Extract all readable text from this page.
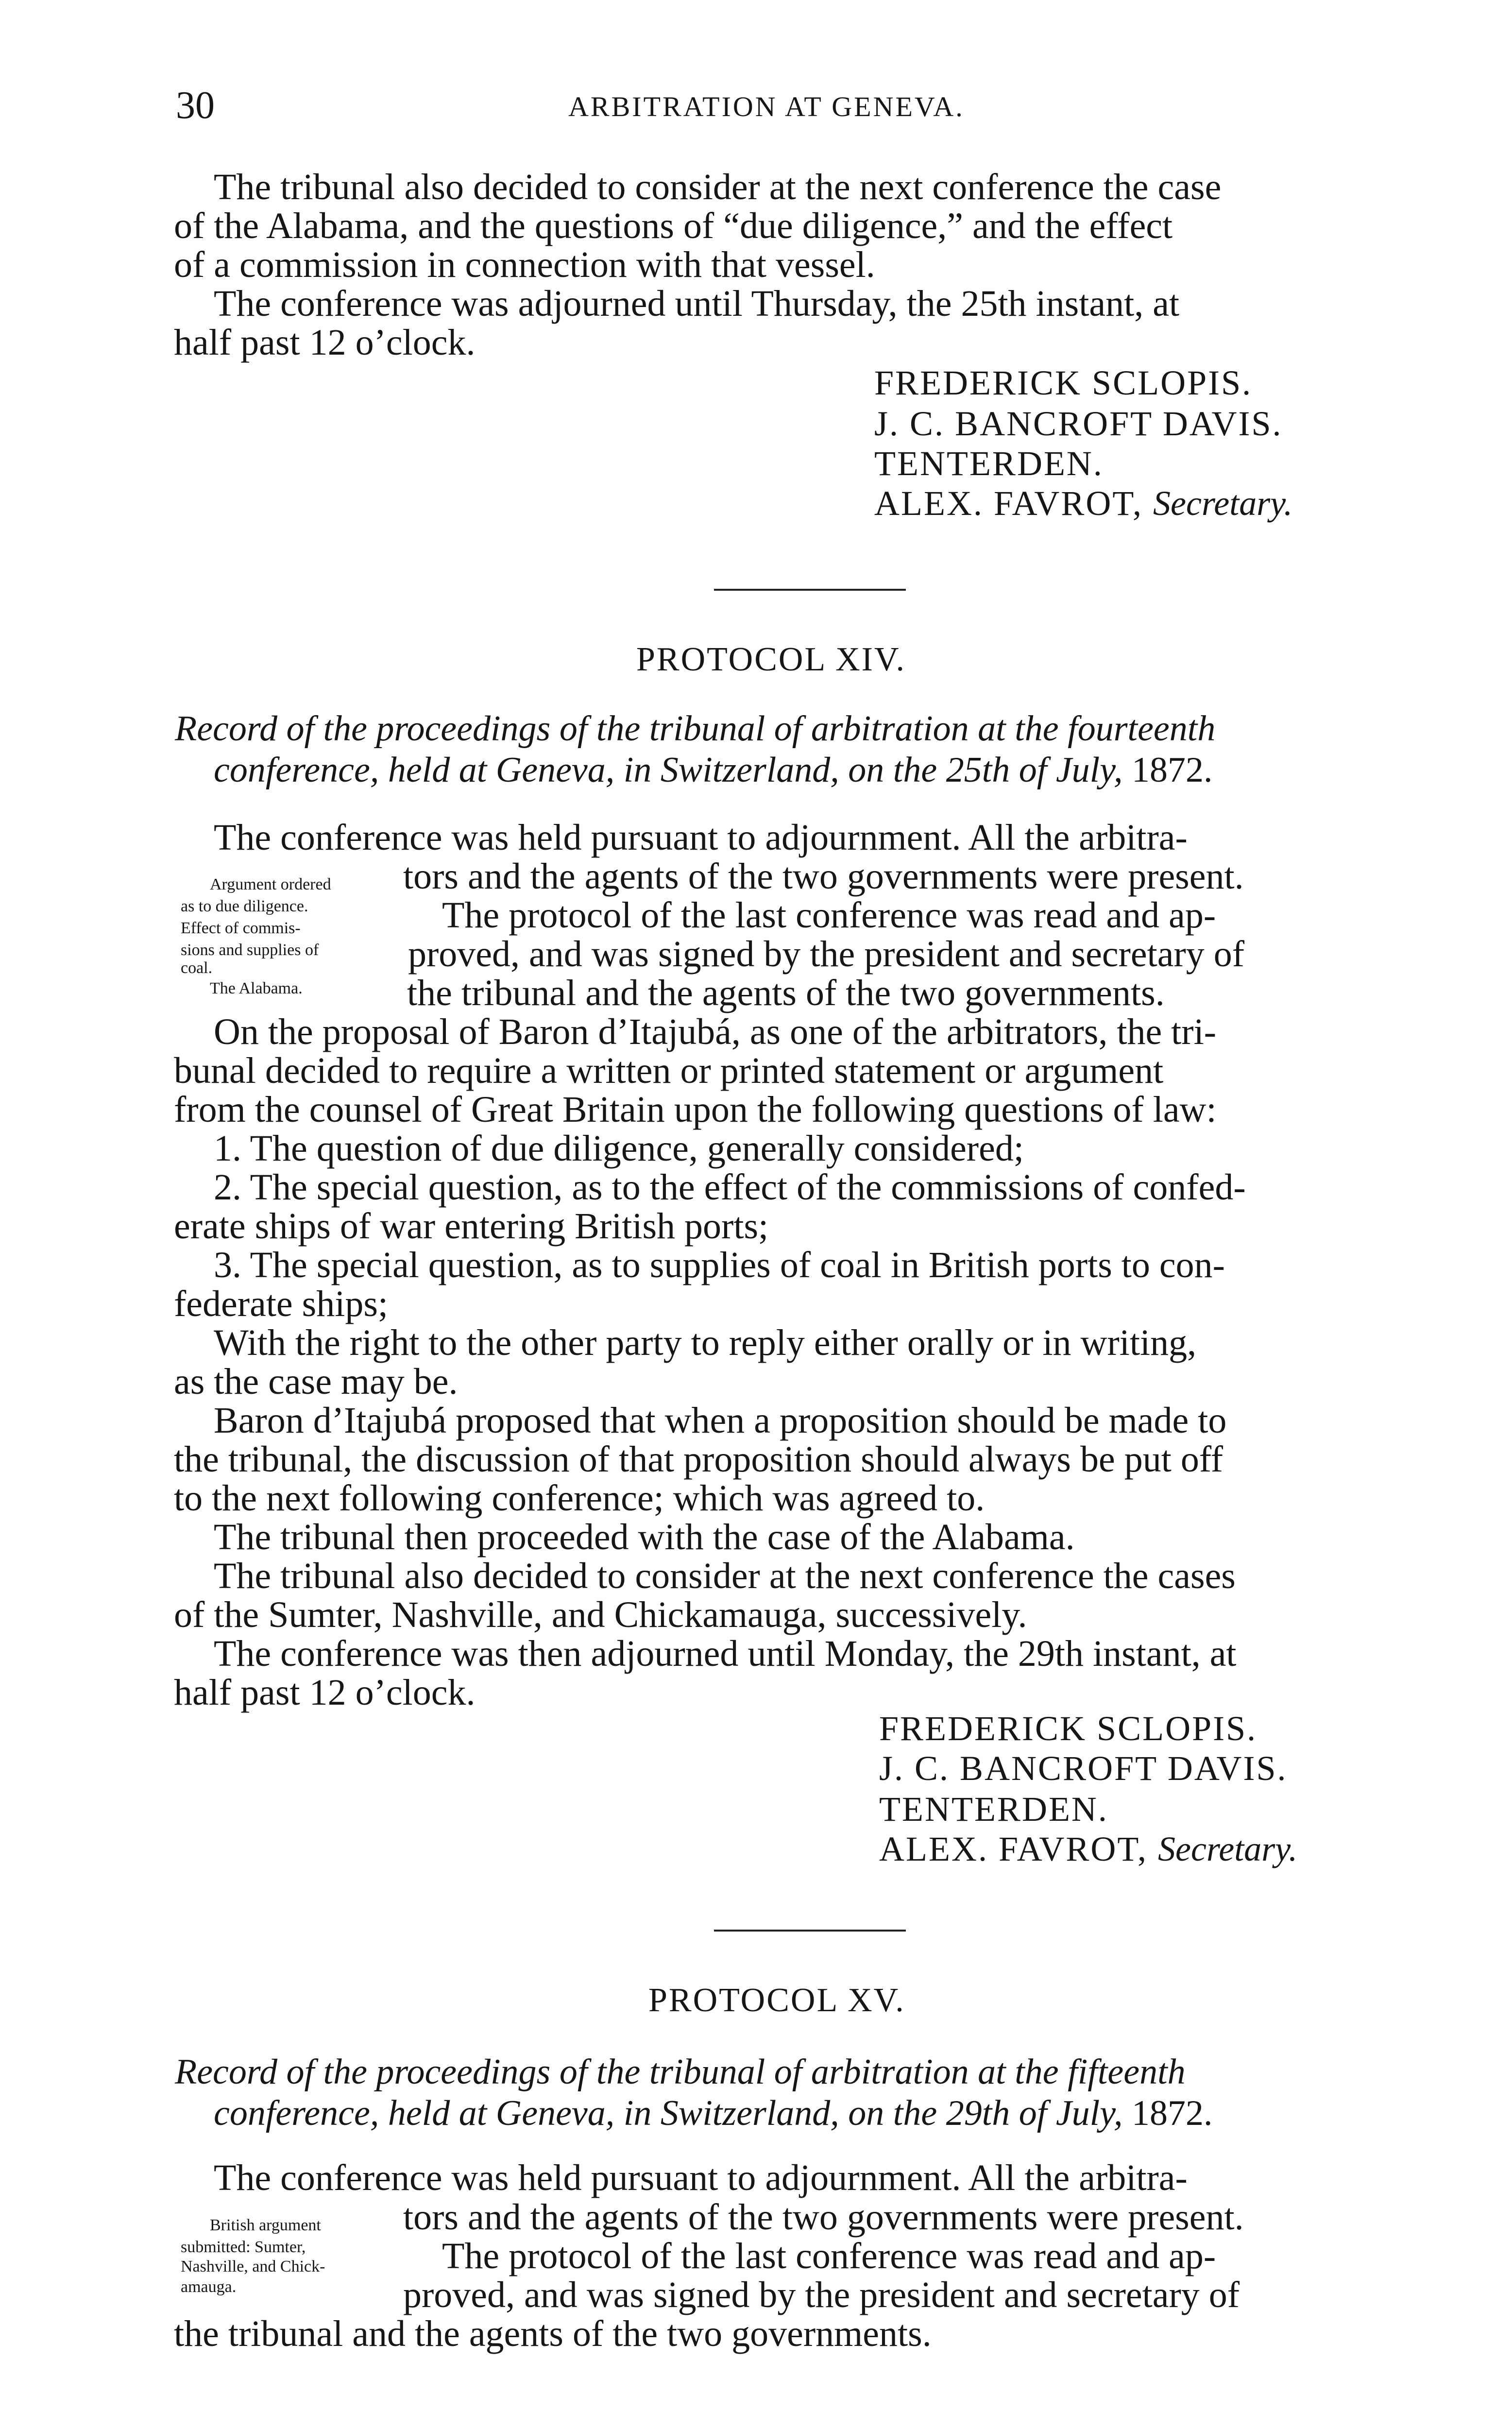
30	ARBITRATION AT GENEVA.
The tribunal also decided to consider at the next conference the case
of the Alabama, and the questions of “due diligence,” and the effect
of a commission in connection with that vessel.
The conference was adjourned until Thursday, the 25th instant, at
half past 12 o’clock.
FREDERICK SCLOPIS.
J. C. BANCROFT DAVIS.
TENTERDEN.
ALEX. FAVROT, Secretary.
PROTOCOL XIV.
Record of the proceedings of the tribunal of arbitration at the fourteenth
conference, held at Geneva, in Switzerland, on the 25th of July, 1872.
Argument ordered
as to due diligence.
Effect of commis-
sions and supplies of
coal.
The Alabama.
The conference was held pursuant to adjournment. All the arbitra-
tors and the agents of the two governments were present.
The protocol of the last conference was read and ap-
proved, and was signed by the president and secretary of
the tribunal and the agents of the two governments.
On the proposal of Baron d’Itajubá, as one of the arbitrators, the tri-
bunal decided to require a written or printed statement or argument
from the counsel of Great Britain upon the following questions of law:
1. The question of due diligence, generally considered;
2. The special question, as to the effect of the commissions of confed-
erate ships of war entering British ports;
3. The special question, as to supplies of coal in British ports to con-
federate ships;
With the right to the other party to reply either orally or in writing,
as the case may be.
Baron d’Itajubá proposed that when a proposition should be made to
the tribunal, the discussion of that proposition should always be put off
to the next following conference; which was agreed to.
The tribunal then proceeded with the case of the Alabama.
The tribunal also decided to consider at the next conference the cases
of the Sumter, Nashville, and Chickamauga, successively.
The conference was then adjourned until Monday, the 29th instant, at
half past 12 o’clock.
FREDERICK SCLOPIS.
J. C. BANCROFT DAVIS.
TENTERDEN.
ALEX. FAVROT, Secretary.
PROTOCOL XV.
Record of the proceedings of the tribunal of arbitration at the fifteenth
conference, held at Geneva, in Switzerland, on the 29th of July, 1872.
British argument
submitted: Sumter,
Nashville, and Chick-
amauga.
The conference was held pursuant to adjournment. All the arbitra-
tors and the agents of the two governments were present.
The protocol of the last conference was read and ap-
proved, and was signed by the president and secretary of
the tribunal and the agents of the two governments.
